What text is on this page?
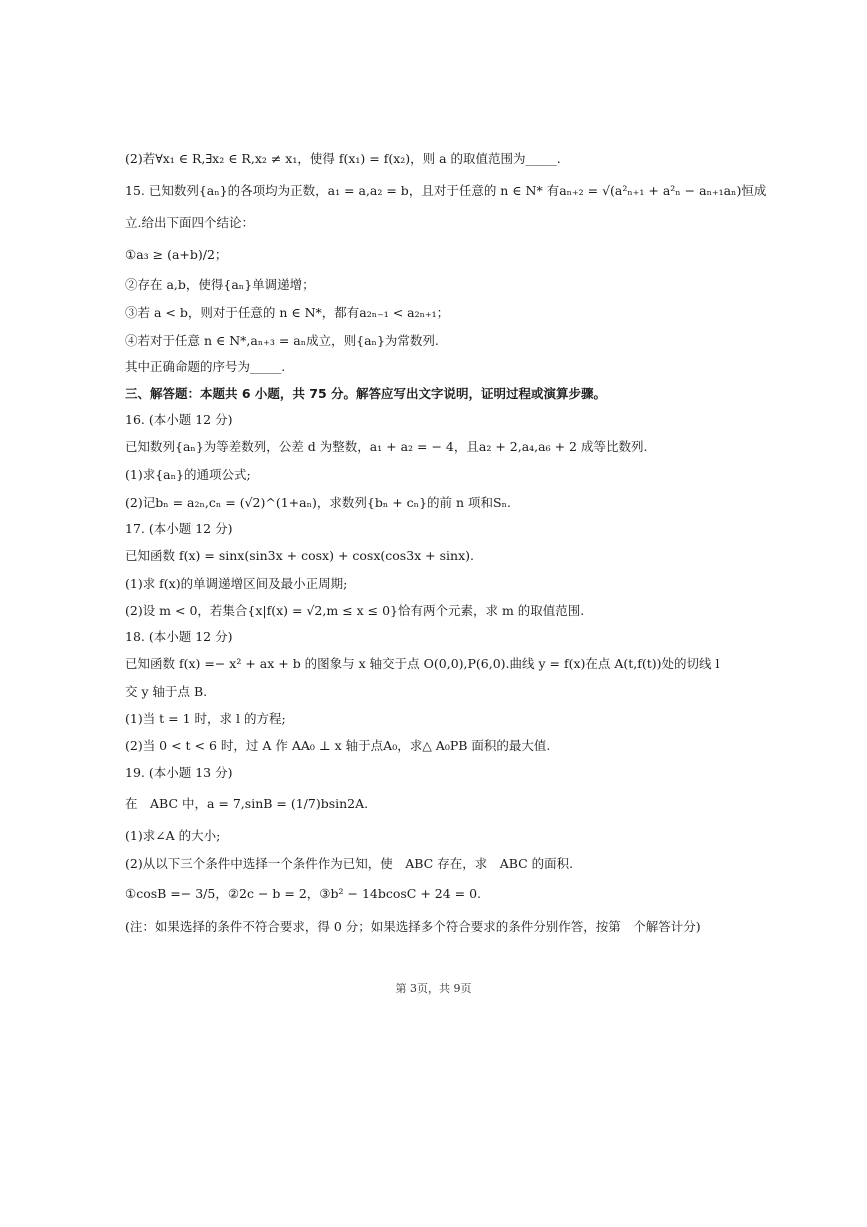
(2)若∀x₁ ∈ R,∃x₂ ∈ R,x₂ ≠ x₁，使得 f(x₁) = f(x₂)，则 a 的取值范围为_____.
15. 已知数列{aₙ}的各项均为正数，a₁ = a,a₂ = b，且对于任意的 n ∈ N* 有aₙ₊₂ = √(a²ₙ₊₁ + a²ₙ − aₙ₊₁aₙ)恒成
立.给出下面四个结论：
①a₃ ≥ (a+b)/2；
②存在 a,b，使得{aₙ}单调递增；
③若 a < b，则对于任意的 n ∈ N*，都有a₂ₙ₋₁ < a₂ₙ₊₁；
④若对于任意 n ∈ N*,aₙ₊₃ = aₙ成立，则{aₙ}为常数列.
其中正确命题的序号为_____.
三、解答题：本题共 6 小题，共 75 分。解答应写出文字说明，证明过程或演算步骤。
16. (本小题 12 分)
已知数列{aₙ}为等差数列，公差 d 为整数，a₁ + a₂ = − 4，且a₂ + 2,a₄,a₆ + 2 成等比数列.
(1)求{aₙ}的通项公式;
(2)记bₙ = a₂ₙ,cₙ = (√2)^(1+aₙ)，求数列{bₙ + cₙ}的前 n 项和Sₙ.
17. (本小题 12 分)
已知函数 f(x) = sinx(sin3x + cosx) + cosx(cos3x + sinx).
(1)求 f(x)的单调递增区间及最小正周期;
(2)设 m < 0，若集合{x|f(x) = √2,m ≤ x ≤ 0}恰有两个元素，求 m 的取值范围.
18. (本小题 12 分)
已知函数 f(x) =− x² + ax + b 的图象与 x 轴交于点 O(0,0),P(6,0).曲线 y = f(x)在点 A(t,f(t))处的切线 l
交 y 轴于点 B.
(1)当 t = 1 时，求 l 的方程;
(2)当 0 < t < 6 时，过 A 作 AA₀ ⊥ x 轴于点A₀，求△ A₀PB 面积的最大值.
19. (本小题 13 分)
在　ABC 中，a = 7,sinB = (1/7)bsin2A.
(1)求∠A 的大小;
(2)从以下三个条件中选择一个条件作为已知，使　ABC 存在，求　ABC 的面积.
①cosB =− 3/5，②2c − b = 2，③b² − 14bcosC + 24 = 0.
(注：如果选择的条件不符合要求，得 0 分；如果选择多个符合要求的条件分别作答，按第　个解答计分)
第 3页，共 9页
